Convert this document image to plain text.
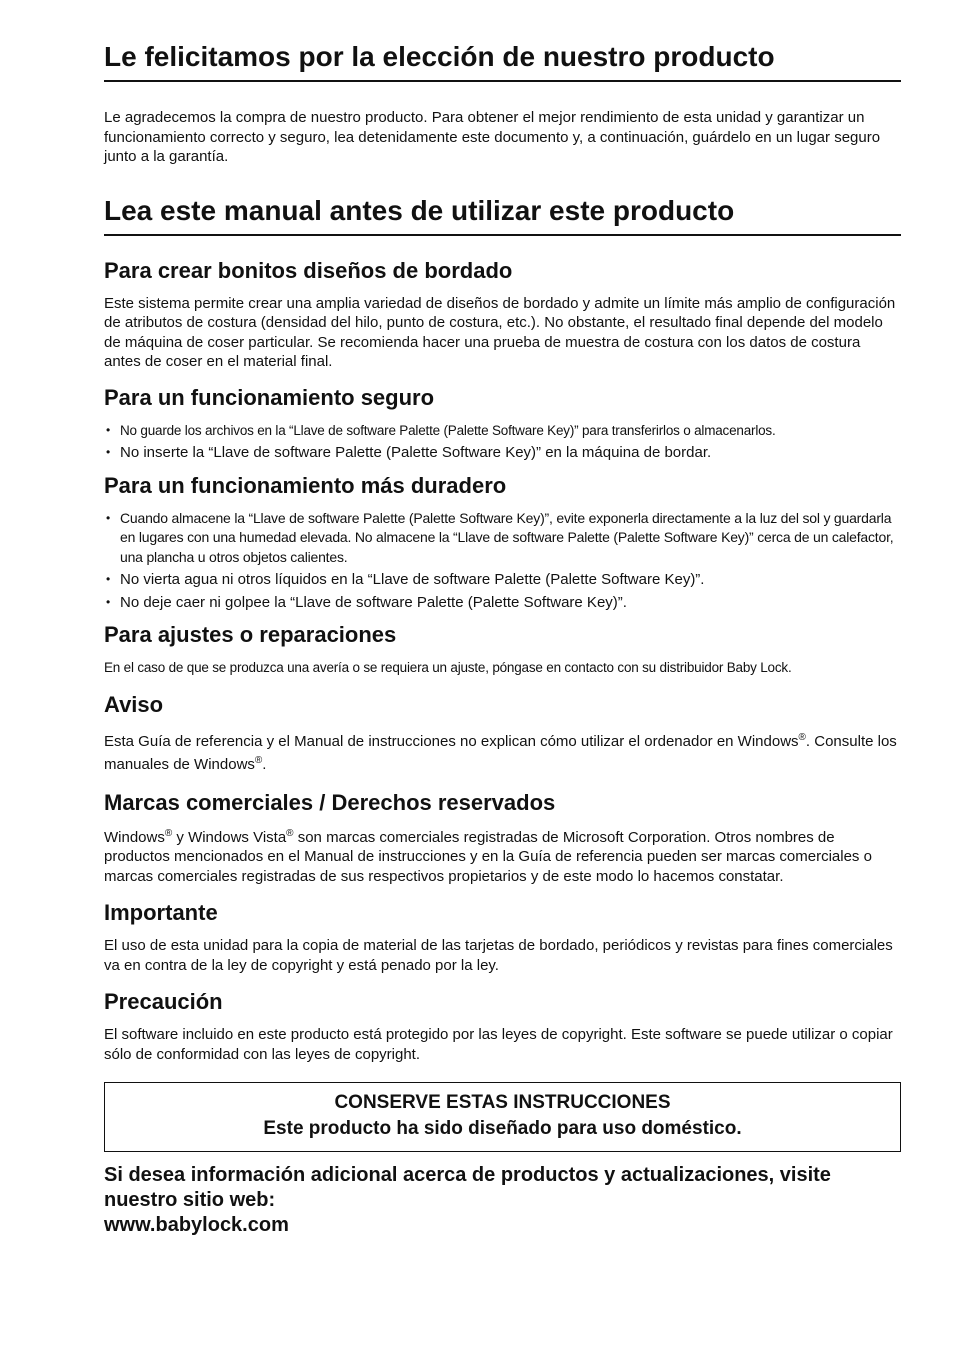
Le felicitamos por la elección de nuestro producto

Le agradecemos la compra de nuestro producto. Para obtener el mejor rendimiento de esta unidad y garantizar un funcionamiento correcto y seguro, lea detenidamente este documento y, a continuación, guárdelo en un lugar seguro junto a la garantía.

Lea este manual antes de utilizar este producto
Para crear bonitos diseños de bordado

Este sistema permite crear una amplia variedad de diseños de bordado y admite un límite más amplio de configuración de atributos de costura (densidad del hilo, punto de costura, etc.). No obstante, el resultado final depende del modelo de máquina de coser particular. Se recomienda hacer una prueba de muestra de costura con los datos de costura antes de coser en el material final.

Para un funcionamiento seguro
• No guarde los archivos en la “Llave de software Palette (Palette Software Key)” para transferirlos o almacenarlos.
• No inserte la “Llave de software Palette (Palette Software Key)” en la máquina de bordar.
Para un funcionamiento más duradero
• Cuando almacene la “Llave de software Palette (Palette Software Key)”, evite exponerla directamente a la luz del sol y guardarla en lugares con una humedad elevada. No almacene la “Llave de software Palette (Palette Software Key)” cerca de un calefactor, una plancha u otros objetos calientes.
• No vierta agua ni otros líquidos en la “Llave de software Palette (Palette Software Key)”.
• No deje caer ni golpee la “Llave de software Palette (Palette Software Key)”.
Para ajustes o reparaciones

En el caso de que se produzca una avería o se requiera un ajuste, póngase en contacto con su distribuidor Baby Lock.

Aviso

Esta Guía de referencia y el Manual de instrucciones no explican cómo utilizar el ordenador en Windows®. Consulte los manuales de Windows®.

Marcas comerciales / Derechos reservados

Windows® y Windows Vista® son marcas comerciales registradas de Microsoft Corporation. Otros nombres de productos mencionados en el Manual de instrucciones y en la Guía de referencia pueden ser marcas comerciales o marcas comerciales registradas de sus respectivos propietarios y de este modo lo hacemos constatar.

Importante

El uso de esta unidad para la copia de material de las tarjetas de bordado, periódicos y revistas para fines comerciales va en contra de la ley de copyright y está penado por la ley.

Precaución

El software incluido en este producto está protegido por las leyes de copyright. Este software se puede utilizar o copiar sólo de conformidad con las leyes de copyright.

CONSERVE ESTAS INSTRUCCIONES
Este producto ha sido diseñado para uso doméstico.
Si desea información adicional acerca de productos y actualizaciones, visite nuestro sitio web:
www.babylock.com
